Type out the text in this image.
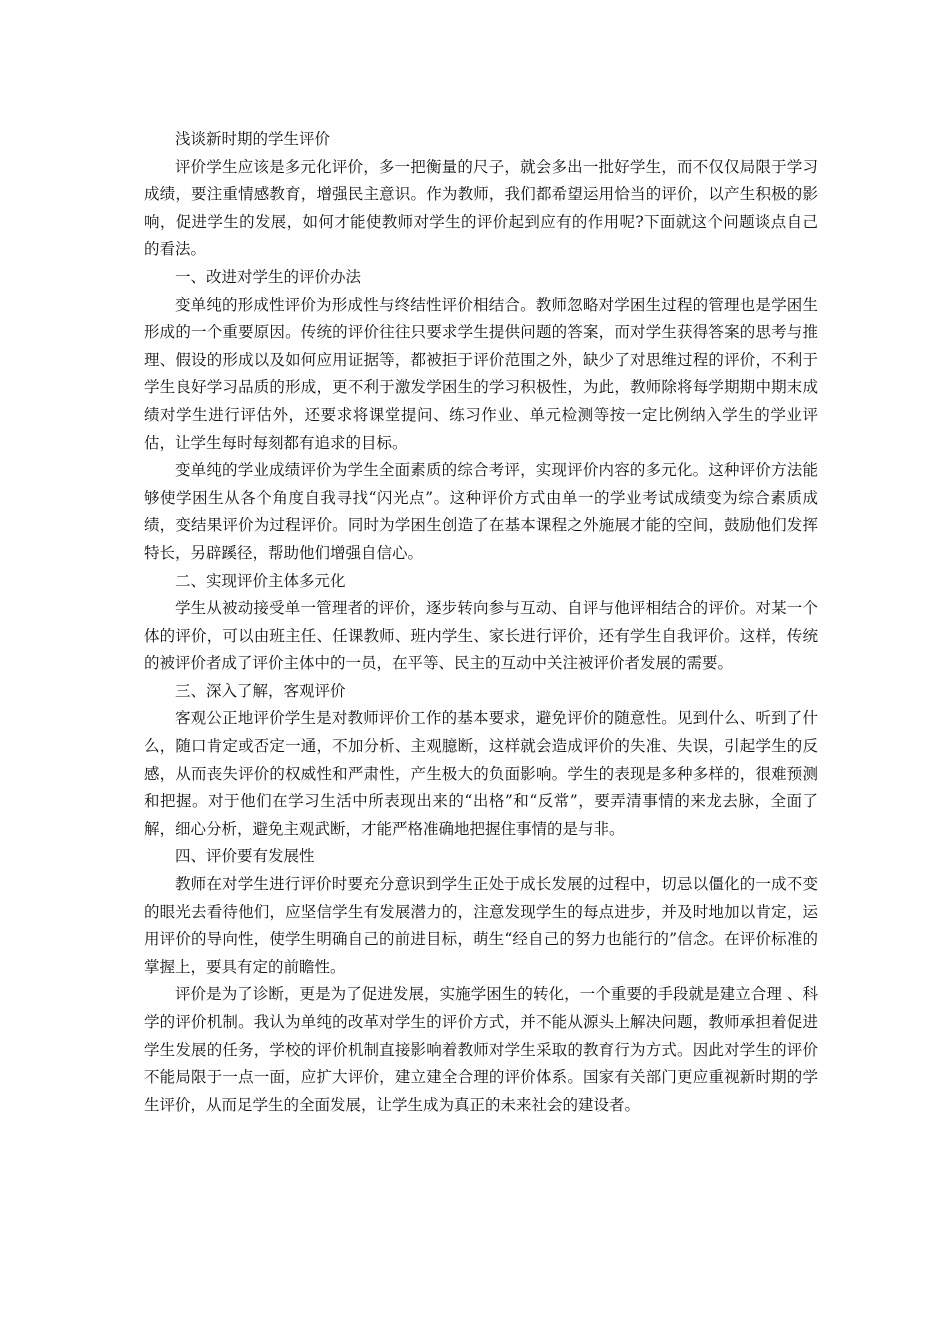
浅谈新时期的学生评价

评价学生应该是多元化评价，多一把衡量的尺子，就会多出一批好学生，而不仅仅局限于学习成绩，要注重情感教育，增强民主意识。作为教师，我们都希望运用恰当的评价，以产生积极的影响，促进学生的发展，如何才能使教师对学生的评价起到应有的作用呢?下面就这个问题谈点自己的看法。

一、改进对学生的评价办法

变单纯的形成性评价为形成性与终结性评价相结合。教师忽略对学困生过程的管理也是学困生形成的一个重要原因。传统的评价往往只要求学生提供问题的答案，而对学生获得答案的思考与推理、假设的形成以及如何应用证据等，都被拒于评价范围之外，缺少了对思维过程的评价，不利于学生良好学习品质的形成，更不利于激发学困生的学习积极性，为此，教师除将每学期期中期末成绩对学生进行评估外，还要求将课堂提问、练习作业、单元检测等按一定比例纳入学生的学业评估，让学生每时每刻都有追求的目标。

变单纯的学业成绩评价为学生全面素质的综合考评，实现评价内容的多元化。这种评价方法能够使学困生从各个角度自我寻找“闪光点”。这种评价方式由单一的学业考试成绩变为综合素质成绩，变结果评价为过程评价。同时为学困生创造了在基本课程之外施展才能的空间，鼓励他们发挥特长，另辟蹊径，帮助他们增强自信心。

二、实现评价主体多元化

学生从被动接受单一管理者的评价，逐步转向参与互动、自评与他评相结合的评价。对某一个体的评价，可以由班主任、任课教师、班内学生、家长进行评价，还有学生自我评价。这样，传统的被评价者成了评价主体中的一员，在平等、民主的互动中关注被评价者发展的需要。

三、深入了解，客观评价

客观公正地评价学生是对教师评价工作的基本要求，避免评价的随意性。见到什么、听到了什么，随口肯定或否定一通，不加分析、主观臆断，这样就会造成评价的失准、失误，引起学生的反感，从而丧失评价的权威性和严肃性，产生极大的负面影响。学生的表现是多种多样的，很难预测和把握。对于他们在学习生活中所表现出来的“出格”和“反常”，要弄清事情的来龙去脉，全面了解，细心分析，避免主观武断，才能严格准确地把握住事情的是与非。

四、评价要有发展性

教师在对学生进行评价时要充分意识到学生正处于成长发展的过程中，切忌以僵化的一成不变的眼光去看待他们，应坚信学生有发展潜力的，注意发现学生的每点进步，并及时地加以肯定，运用评价的导向性，使学生明确自己的前进目标，萌生“经自己的努力也能行的”信念。在评价标准的掌握上，要具有定的前瞻性。

评价是为了诊断，更是为了促进发展，实施学困生的转化，一个重要的手段就是建立合理 、科学的评价机制。我认为单纯的改革对学生的评价方式，并不能从源头上解决问题，教师承担着促进学生发展的任务，学校的评价机制直接影响着教师对学生采取的教育行为方式。因此对学生的评价不能局限于一点一面，应扩大评价，建立建全合理的评价体系。国家有关部门更应重视新时期的学生评价，从而足学生的全面发展，让学生成为真正的未来社会的建设者。
